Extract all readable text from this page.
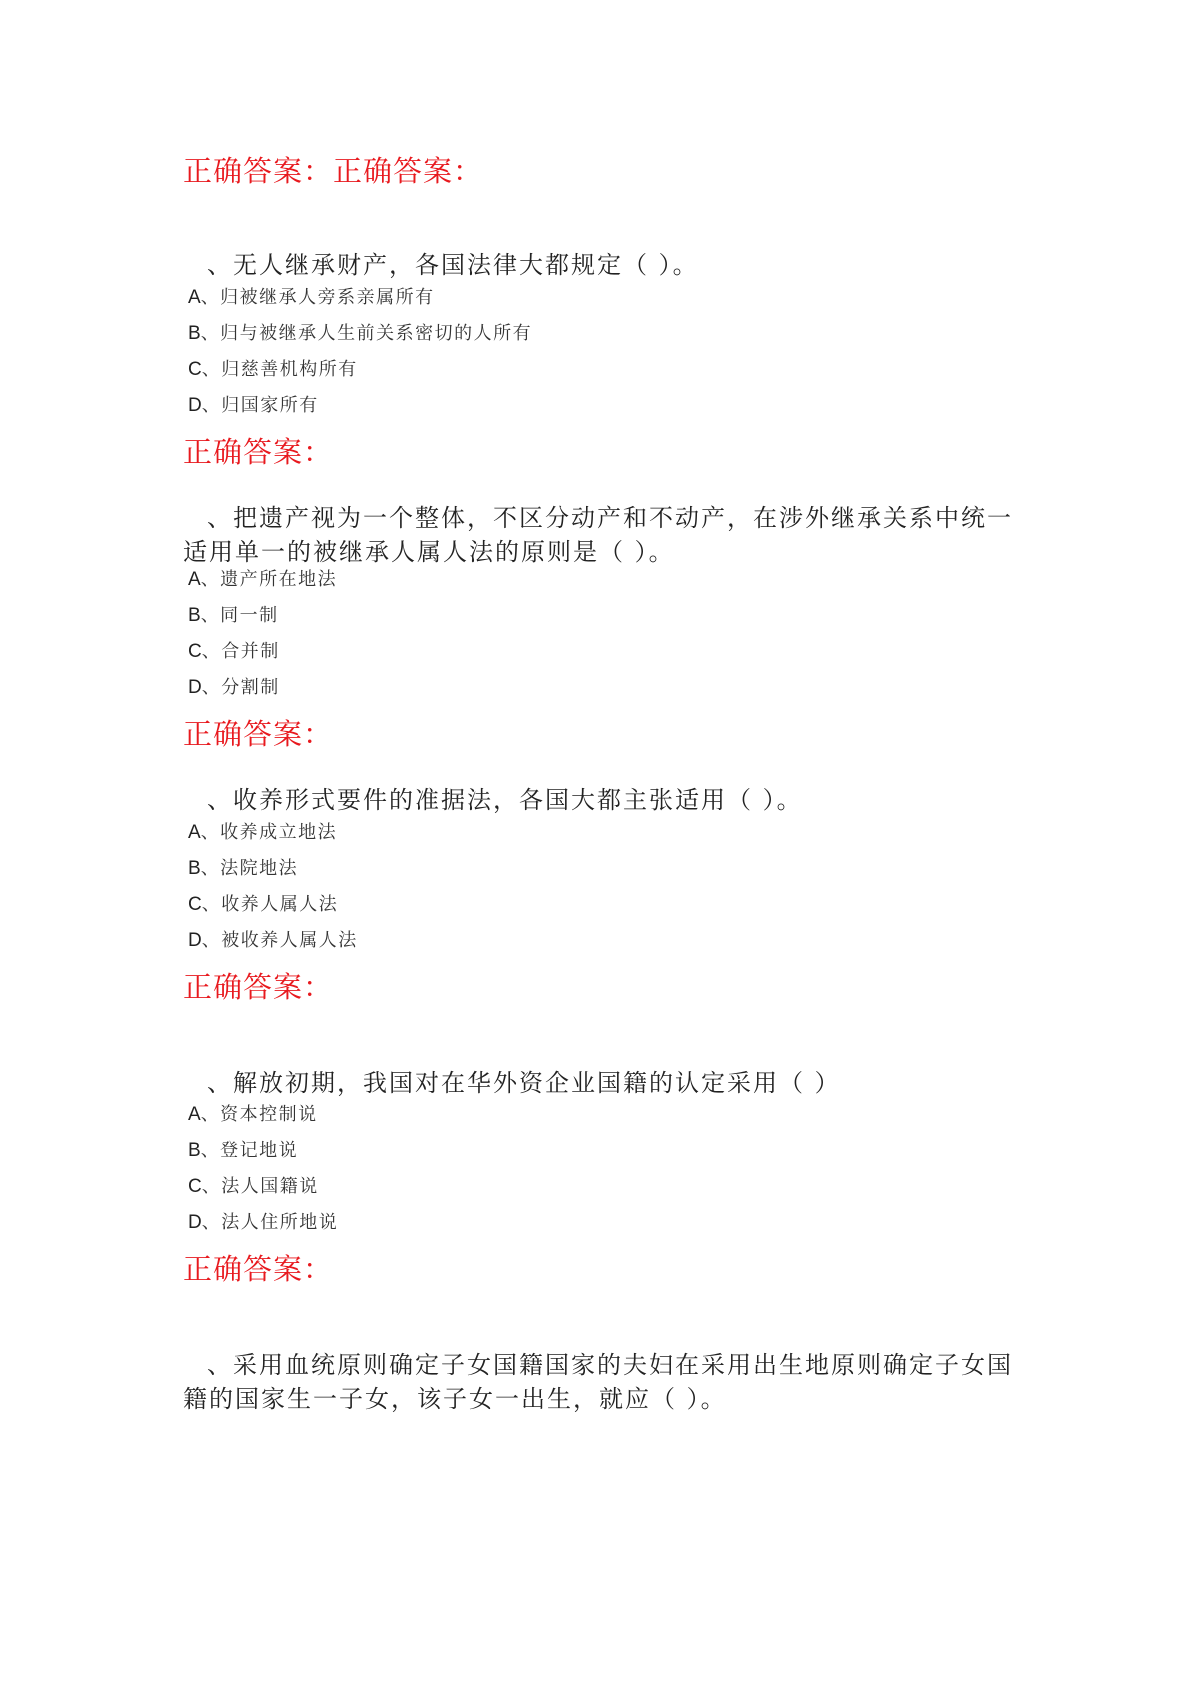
正确答案：正确答案：
、无人继承财产，各国法律大都规定（ ）。
A、归被继承人旁系亲属所有
B、归与被继承人生前关系密切的人所有
C、归慈善机构所有
D、归国家所有
正确答案：
、把遗产视为一个整体，不区分动产和不动产，在涉外继承关系中统一
适用单一的被继承人属人法的原则是（ ）。
A、遗产所在地法
B、同一制
C、合并制
D、分割制
正确答案：
、收养形式要件的准据法，各国大都主张适用（ ）。
A、收养成立地法
B、法院地法
C、收养人属人法
D、被收养人属人法
正确答案：
、解放初期，我国对在华外资企业国籍的认定采用（ ）
A、资本控制说
B、登记地说
C、法人国籍说
D、法人住所地说
正确答案：
、采用血统原则确定子女国籍国家的夫妇在采用出生地原则确定子女国
籍的国家生一子女，该子女一出生，就应（ ）。
